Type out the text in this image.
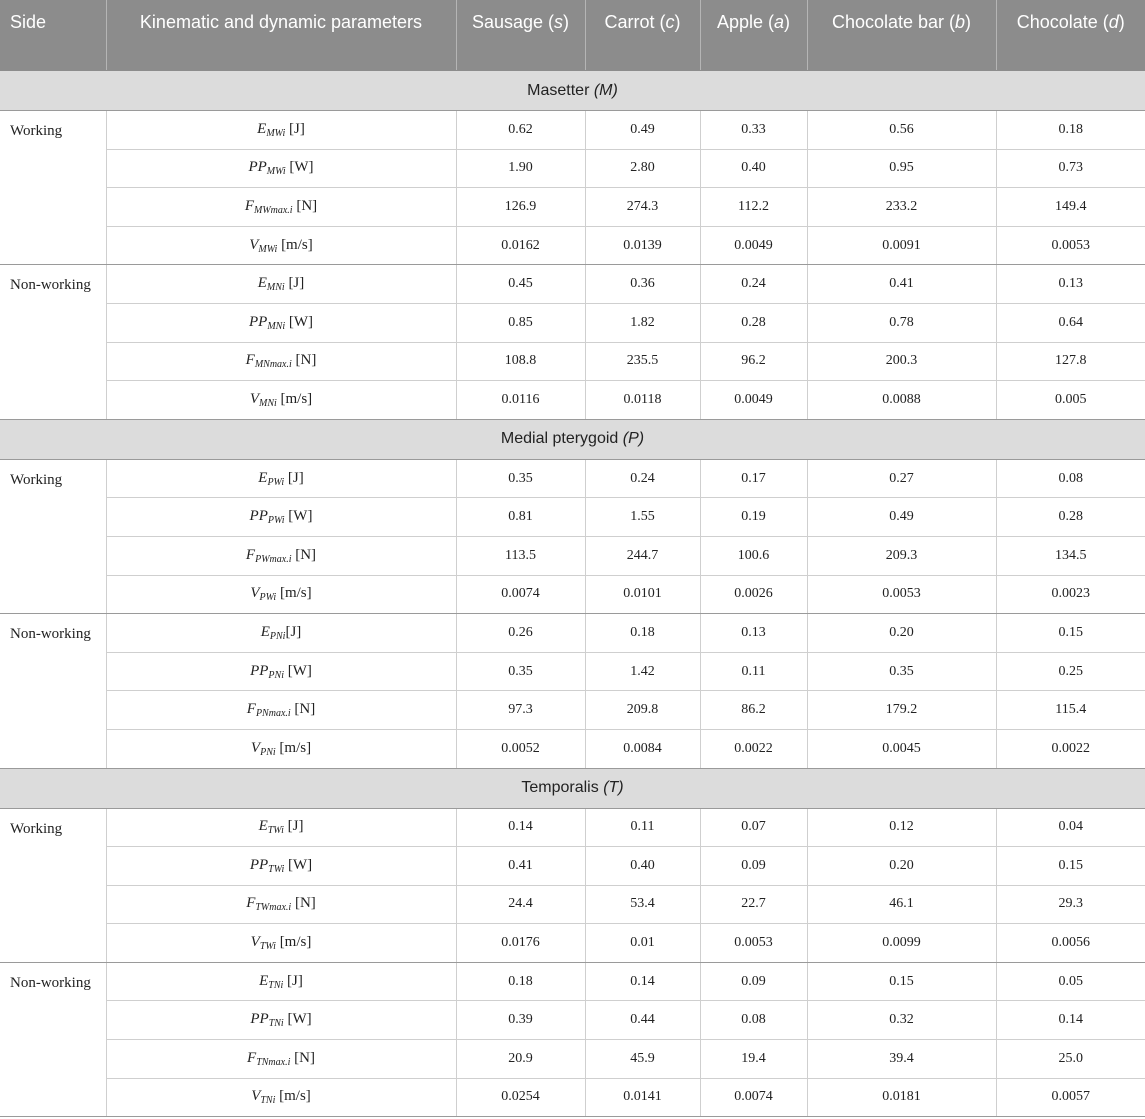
Side	Kinematic and dynamic parameters	Sausage (s)	Carrot (c)	Apple (a)	Chocolate bar (b)	Chocolate (d)

Masetter (M)						
Working	$E_{MWi}$ [J]	0.62	0.49	0.33	0.56	0.18
	$PP_{MWi}$ [W]	1.90	2.80	0.40	0.95	0.73
	$F_{MWmax.i}$ [N]	126.9	274.3	112.2	233.2	149.4
	$V_{MWi}$ [m/s]	0.0162	0.0139	0.0049	0.0091	0.0053
Non-working	$E_{MNi}$ [J]	0.45	0.36	0.24	0.41	0.13
	$PP_{MNi}$ [W]	0.85	1.82	0.28	0.78	0.64
	$F_{MNmax.i}$ [N]	108.8	235.5	96.2	200.3	127.8
	$V_{MNi}$ [m/s]	0.0116	0.0118	0.0049	0.0088	0.005
Medial pterygoid (P)						
Working	$E_{PWi}$ [J]	0.35	0.24	0.17	0.27	0.08
	$PP_{PWi}$ [W]	0.81	1.55	0.19	0.49	0.28
	$F_{PWmax.i}$ [N]	113.5	244.7	100.6	209.3	134.5
	$V_{PWi}$ [m/s]	0.0074	0.0101	0.0026	0.0053	0.0023
Non-working	$E_{PNi}[J]$	0.26	0.18	0.13	0.20	0.15
	$PP_{PNi}$ [W]	0.35	1.42	0.11	0.35	0.25
	$F_{PNmax.i}$ [N]	97.3	209.8	86.2	179.2	115.4
	$V_{PNi}$ [m/s]	0.0052	0.0084	0.0022	0.0045	0.0022
Temporalis (T)						
Working	$E_{TWi}$ [J]	0.14	0.11	0.07	0.12	0.04
	$PP_{TWi}$ [W]	0.41	0.40	0.09	0.20	0.15
	$F_{TWmax.i}$ [N]	24.4	53.4	22.7	46.1	29.3
	$V_{TWi}$ [m/s]	0.0176	0.01	0.0053	0.0099	0.0056
Non-working	$E_{TNi}$ [J]	0.18	0.14	0.09	0.15	0.05
	$PP_{TNi}$ [W]	0.39	0.44	0.08	0.32	0.14
	$F_{TNmax.i}$ [N]	20.9	45.9	19.4	39.4	25.0
	$V_{TNi}$ [m/s]	0.0254	0.0141	0.0074	0.0181	0.0057
